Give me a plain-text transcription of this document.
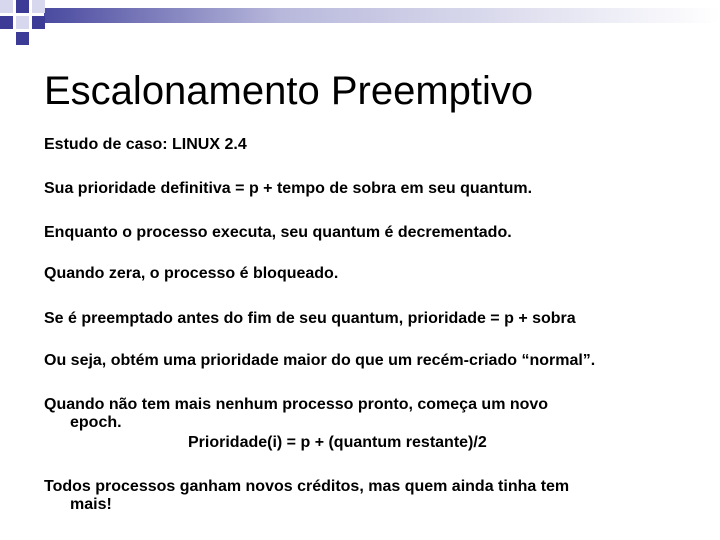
Escalonamento Preemptivo
Estudo de caso: LINUX 2.4
Sua prioridade definitiva = p + tempo de sobra em seu quantum.
Enquanto o processo executa, seu quantum é decrementado.
Quando zera, o processo é bloqueado.
Se é preemptado antes do fim de seu quantum, prioridade = p + sobra
Ou seja, obtém uma prioridade maior do que um recém-criado “normal”.
Quando não tem mais nenhum processo pronto, começa um novo
epoch.
Prioridade(i) = p + (quantum restante)/2
Todos processos ganham novos créditos, mas quem ainda tinha tem
mais!
